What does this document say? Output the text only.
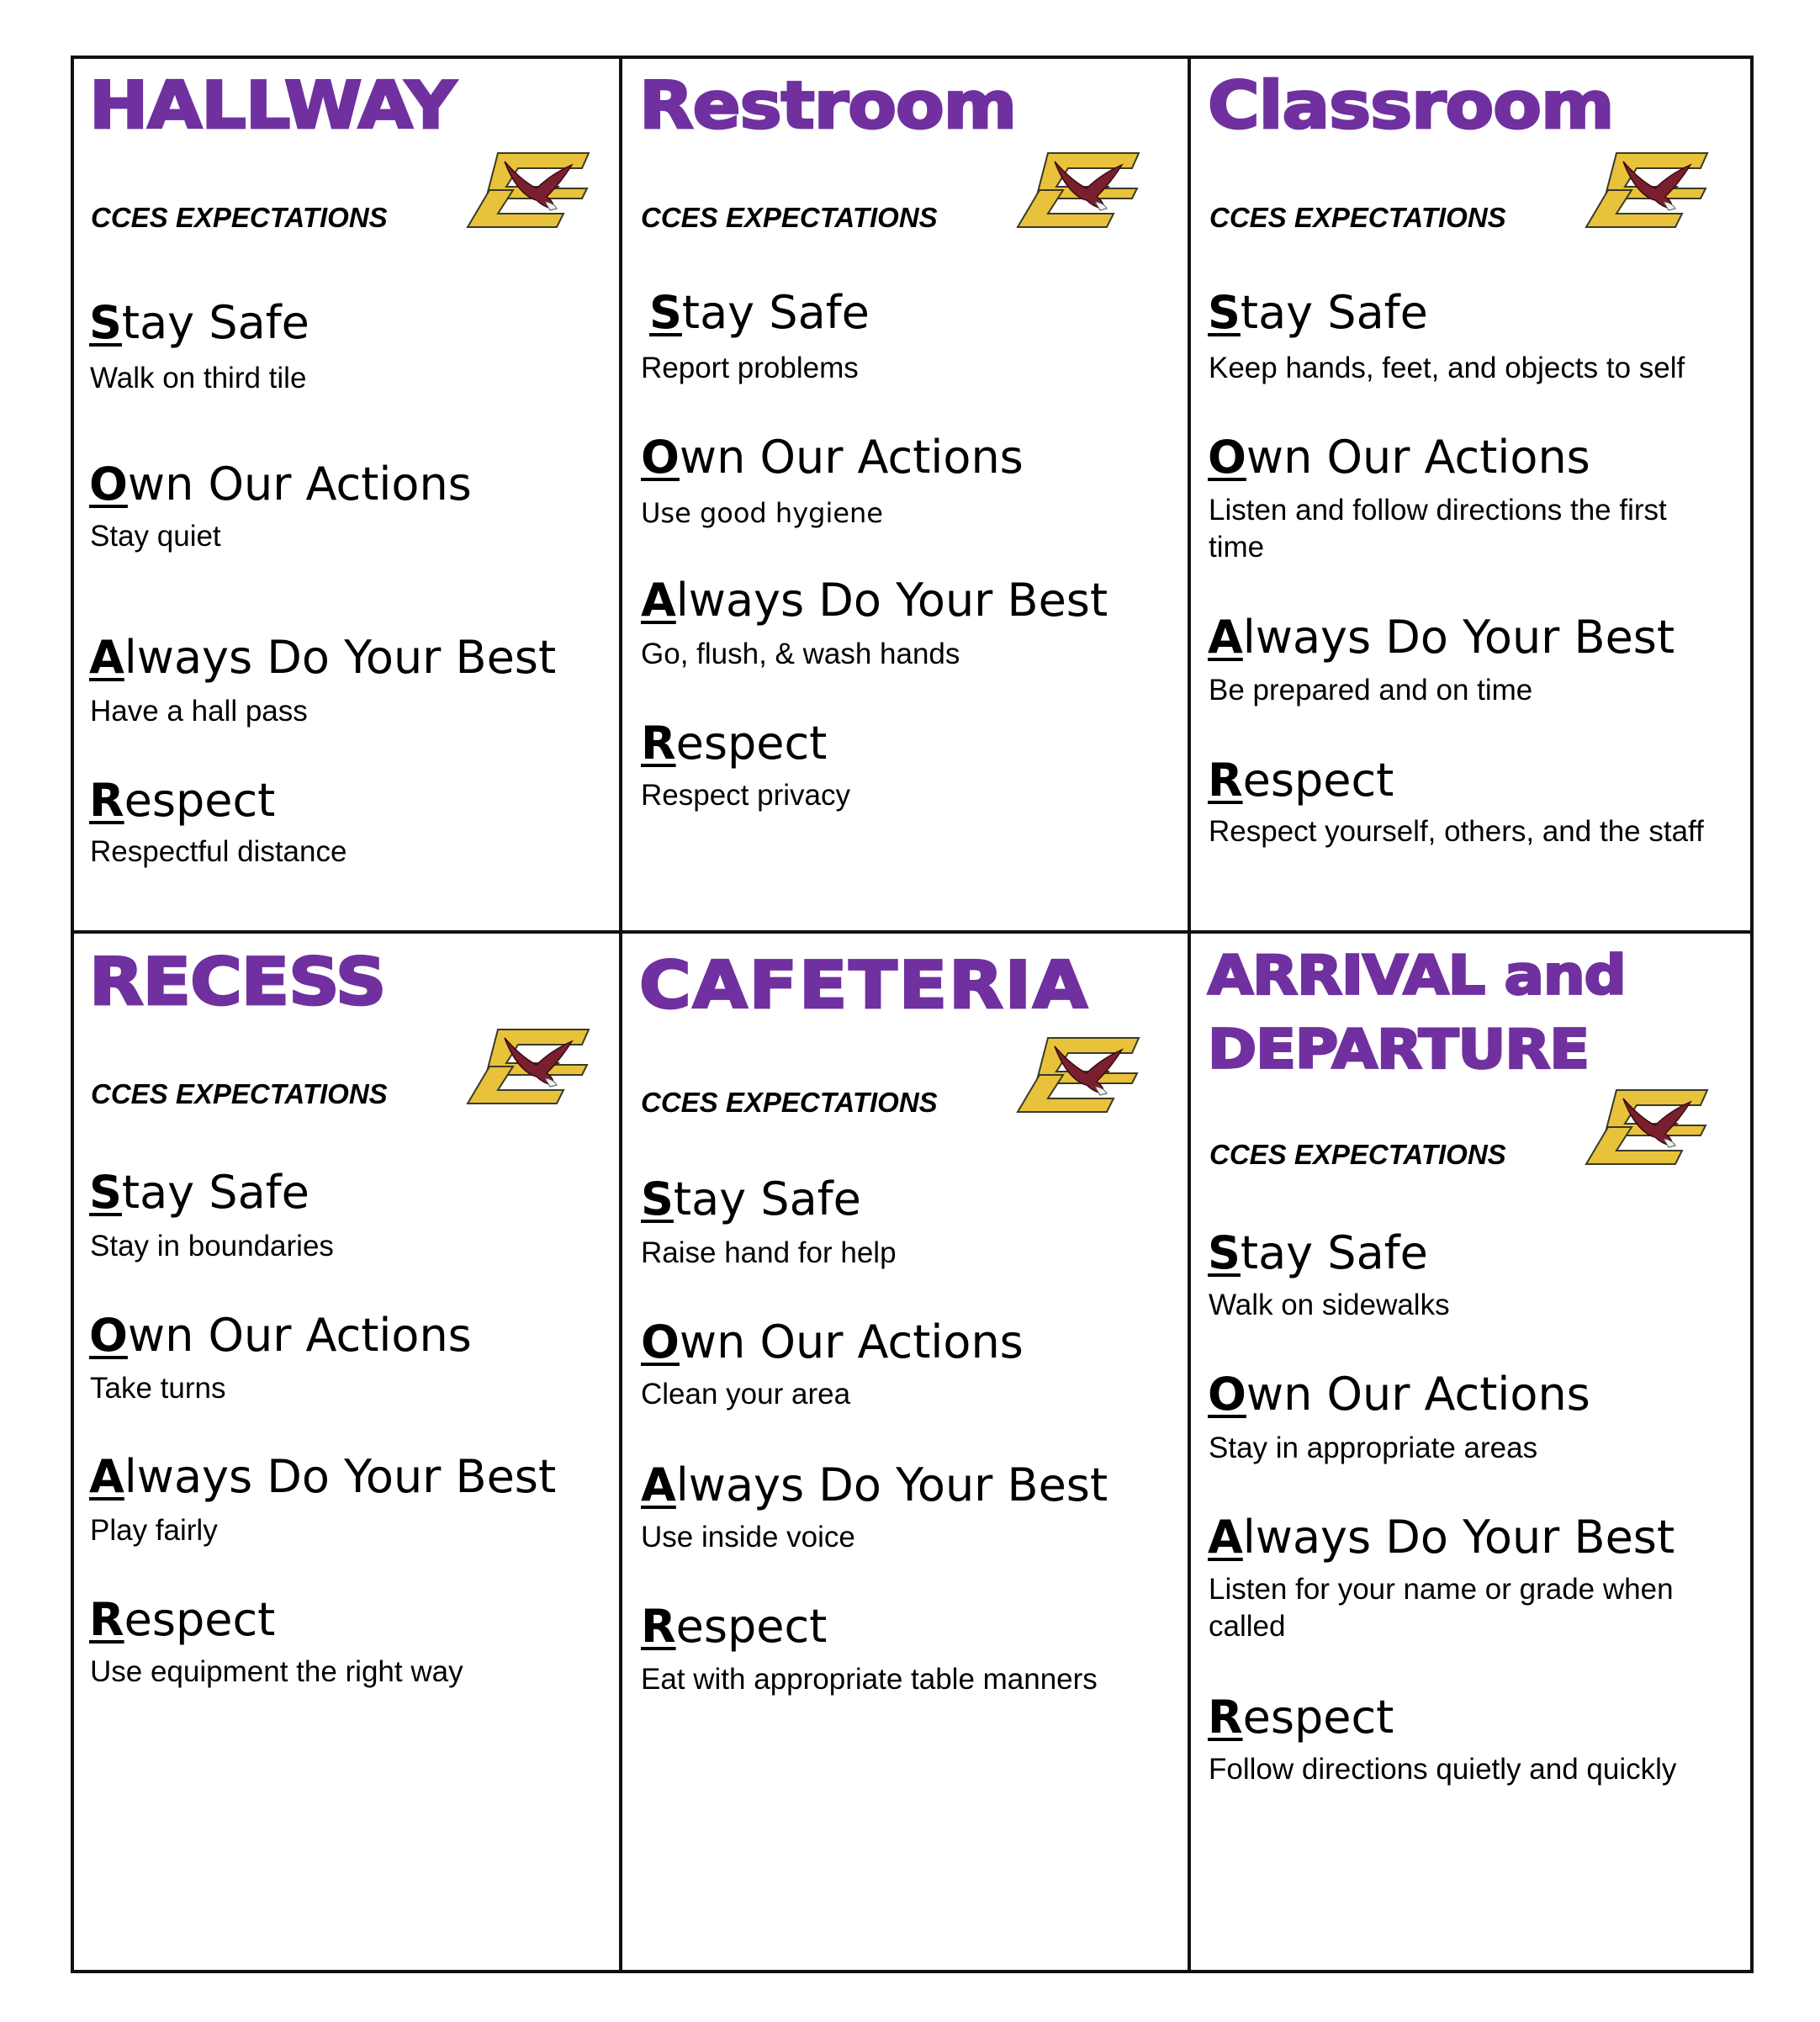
HALLWAY
CCES EXPECTATIONS
Stay Safe
Walk on third tile
Own Our Actions
Stay quiet
Always Do Your Best
Have a hall pass
Respect
Respectful distance
Restroom
CCES EXPECTATIONS
Stay Safe
Report problems
Own Our Actions
Use good hygiene
Always Do Your Best
Go, flush, & wash hands
Respect
Respect privacy
Classroom
CCES EXPECTATIONS
Stay Safe
Keep hands, feet, and objects to self
Own Our Actions
Listen and follow directions the first time
Always Do Your Best
Be prepared and on time
Respect
Respect yourself, others, and the staff
RECESS
CCES EXPECTATIONS
Stay Safe
Stay in boundaries
Own Our Actions
Take turns
Always Do Your Best
Play fairly
Respect
Use equipment the right way
CAFETERIA
CCES EXPECTATIONS
Stay Safe
Raise hand for help
Own Our Actions
Clean your area
Always Do Your Best
Use inside voice
Respect
Eat with appropriate table manners
ARRIVAL and
DEPARTURE
CCES EXPECTATIONS
Stay Safe
Walk on sidewalks
Own Our Actions
Stay in appropriate areas
Always Do Your Best
Listen for your name or grade when called
Respect
Follow directions quietly and quickly
